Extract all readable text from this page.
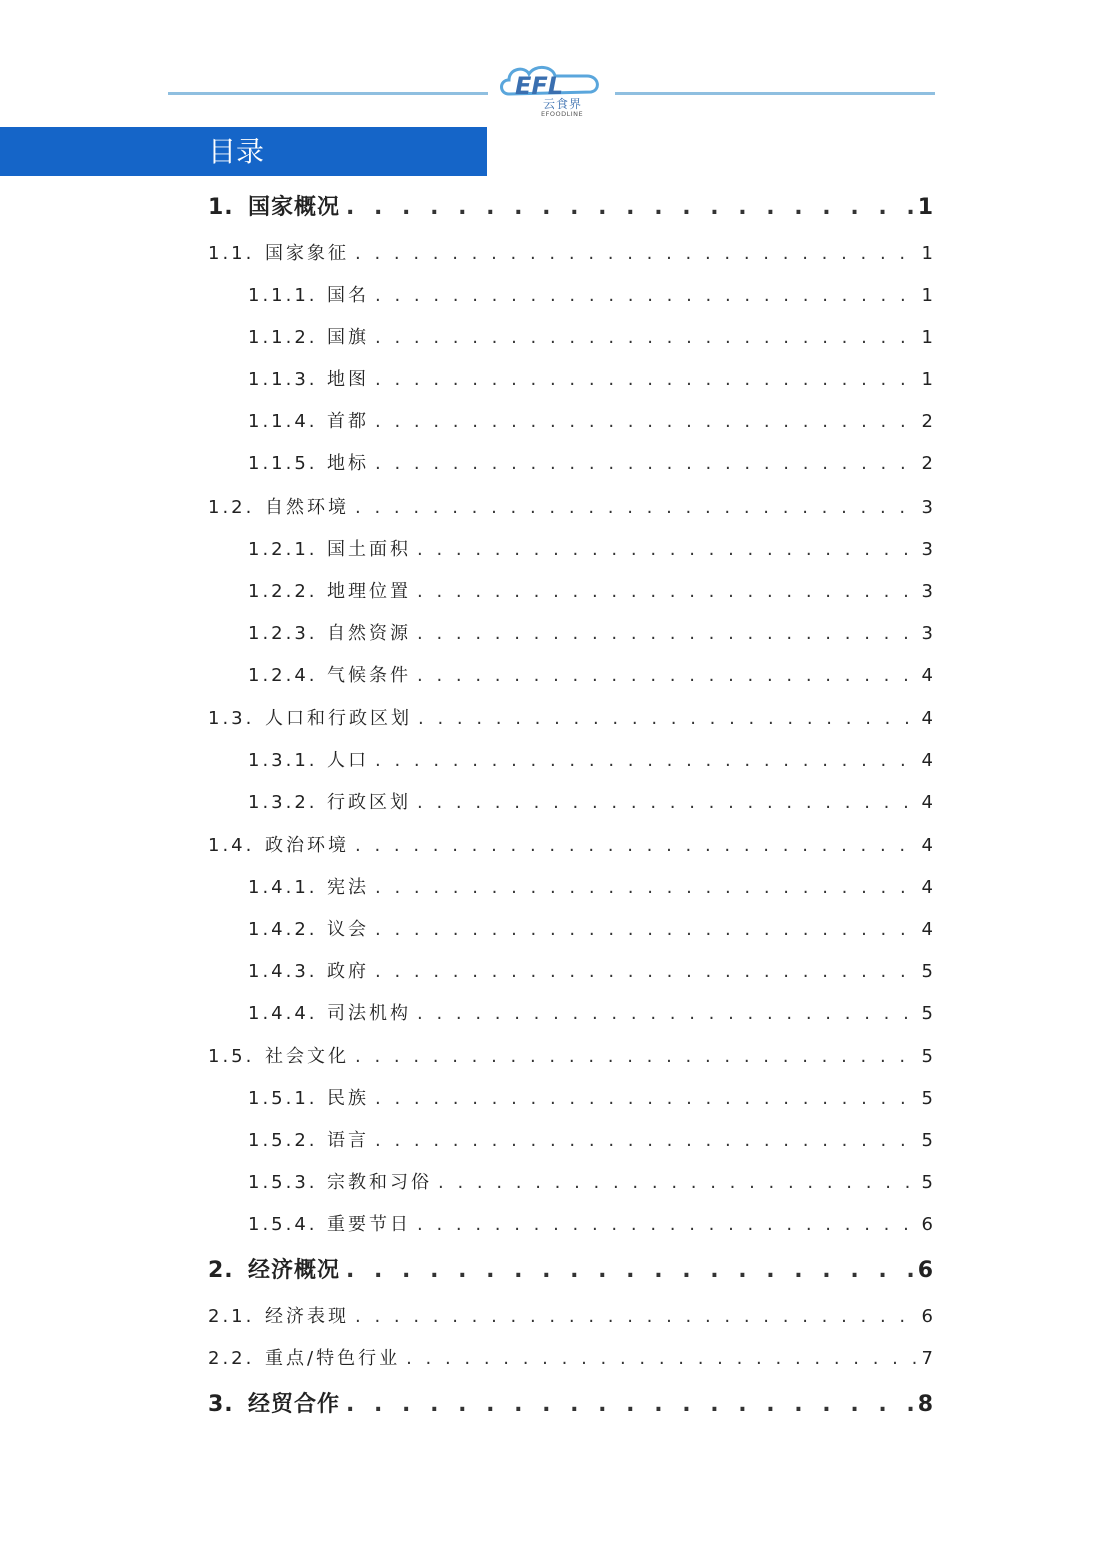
EFL
云食界
EFOODLINE
目录
1. 国家概况 . . .	1
1.1. 国家象征 . . .	1
1.1.1. 国名 . . .	1
1.1.2. 国旗 . . .	1
1.1.3. 地图 . . .	1
1.1.4. 首都 . . .	2
1.1.5. 地标 . . .	2
1.2. 自然环境 . . .	3
1.2.1. 国土面积 . . .	3
1.2.2. 地理位置 . . .	3
1.2.3. 自然资源 . . .	3
1.2.4. 气候条件 . . .	4
1.3. 人口和行政区划 . . .	4
1.3.1. 人口 . . .	4
1.3.2. 行政区划 . . .	4
1.4. 政治环境 . . .	4
1.4.1. 宪法 . . .	4
1.4.2. 议会 . . .	4
1.4.3. 政府 . . .	5
1.4.4. 司法机构 . . .	5
1.5. 社会文化 . . .	5
1.5.1. 民族 . . .	5
1.5.2. 语言 . . .	5
1.5.3. 宗教和习俗 . . .	5
1.5.4. 重要节日 . . .	6
2. 经济概况 . . .	6
2.1. 经济表现 . . .	6
2.2. 重点/特色行业 . . .	7
3. 经贸合作 . . .	8
